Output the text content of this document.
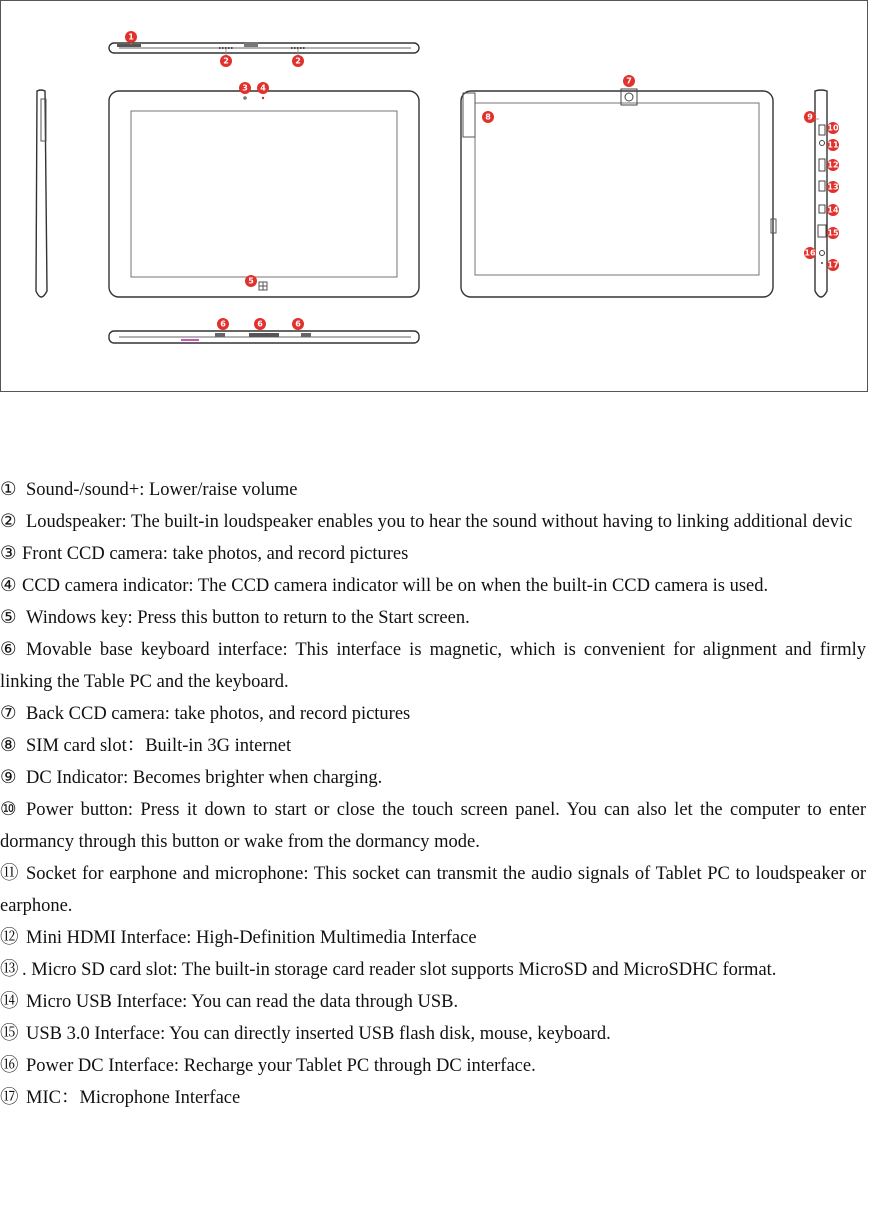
1
2	2
3 4
5
6	6	6
7
8	9
10
11
12
13
14
15
16
17

① Sound-/sound+: Lower/raise volume

② Loudspeaker: The built-in loudspeaker enables you to hear the sound without having to linking additional devic

③ Front CCD camera: take photos, and record pictures

④ CCD camera indicator: The CCD camera indicator will be on when the built-in CCD camera is used.

⑤ Windows key: Press this button to return to the Start screen.

⑥ Movable base keyboard interface: This interface is magnetic, which is convenient for alignment and firmly linking the Table PC and the keyboard.

⑦ Back CCD camera: take photos, and record pictures

⑧ SIM card slot：Built-in 3G internet

⑨ DC Indicator: Becomes brighter when charging.

⑩ Power button: Press it down to start or close the touch screen panel. You can also let the computer to enter dormancy through this button or wake from the dormancy mode.

⑪ Socket for earphone and microphone: This socket can transmit the audio signals of Tablet PC to loudspeaker or earphone.

⑫ Mini HDMI Interface: High-Definition Multimedia Interface

⑬ . Micro SD card slot: The built-in storage card reader slot supports MicroSD and MicroSDHC format.

⑭ Micro USB Interface: You can read the data through USB.

⑮ USB 3.0 Interface: You can directly inserted USB flash disk, mouse, keyboard.

⑯ Power DC Interface: Recharge your Tablet PC through DC interface.

⑰ MIC：Microphone Interface
